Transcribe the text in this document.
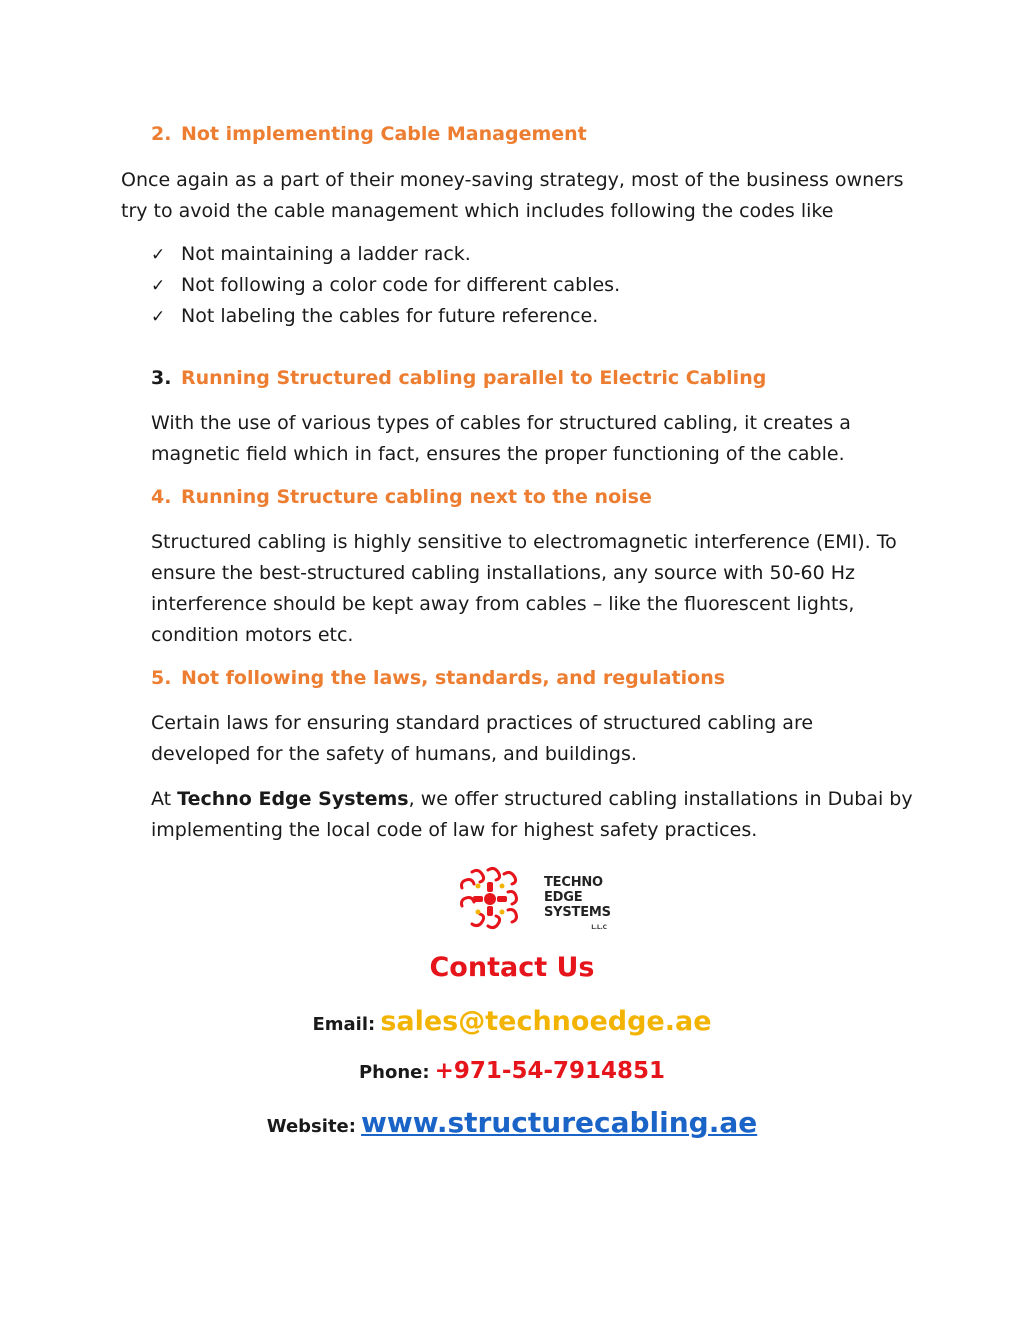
2. Not implementing Cable Management
Once again as a part of their money-saving strategy, most of the business owners
try to avoid the cable management which includes following the codes like
✓ Not maintaining a ladder rack.
✓ Not following a color code for different cables.
✓ Not labeling the cables for future reference.
3. Running Structured cabling parallel to Electric Cabling
With the use of various types of cables for structured cabling, it creates a
magnetic field which in fact, ensures the proper functioning of the cable.
4. Running Structure cabling next to the noise
Structured cabling is highly sensitive to electromagnetic interference (EMI). To
ensure the best-structured cabling installations, any source with 50-60 Hz
interference should be kept away from cables – like the fluorescent lights,
condition motors etc.
5. Not following the laws, standards, and regulations
Certain laws for ensuring standard practices of structured cabling are
developed for the safety of humans, and buildings.
At Techno Edge Systems, we offer structured cabling installations in Dubai by
implementing the local code of law for highest safety practices.
TECHNO
EDGE
SYSTEMS
L.L.C
Contact Us
Email: sales@technoedge.ae
Phone: +971-54-7914851
Website: www.structurecabling.ae
